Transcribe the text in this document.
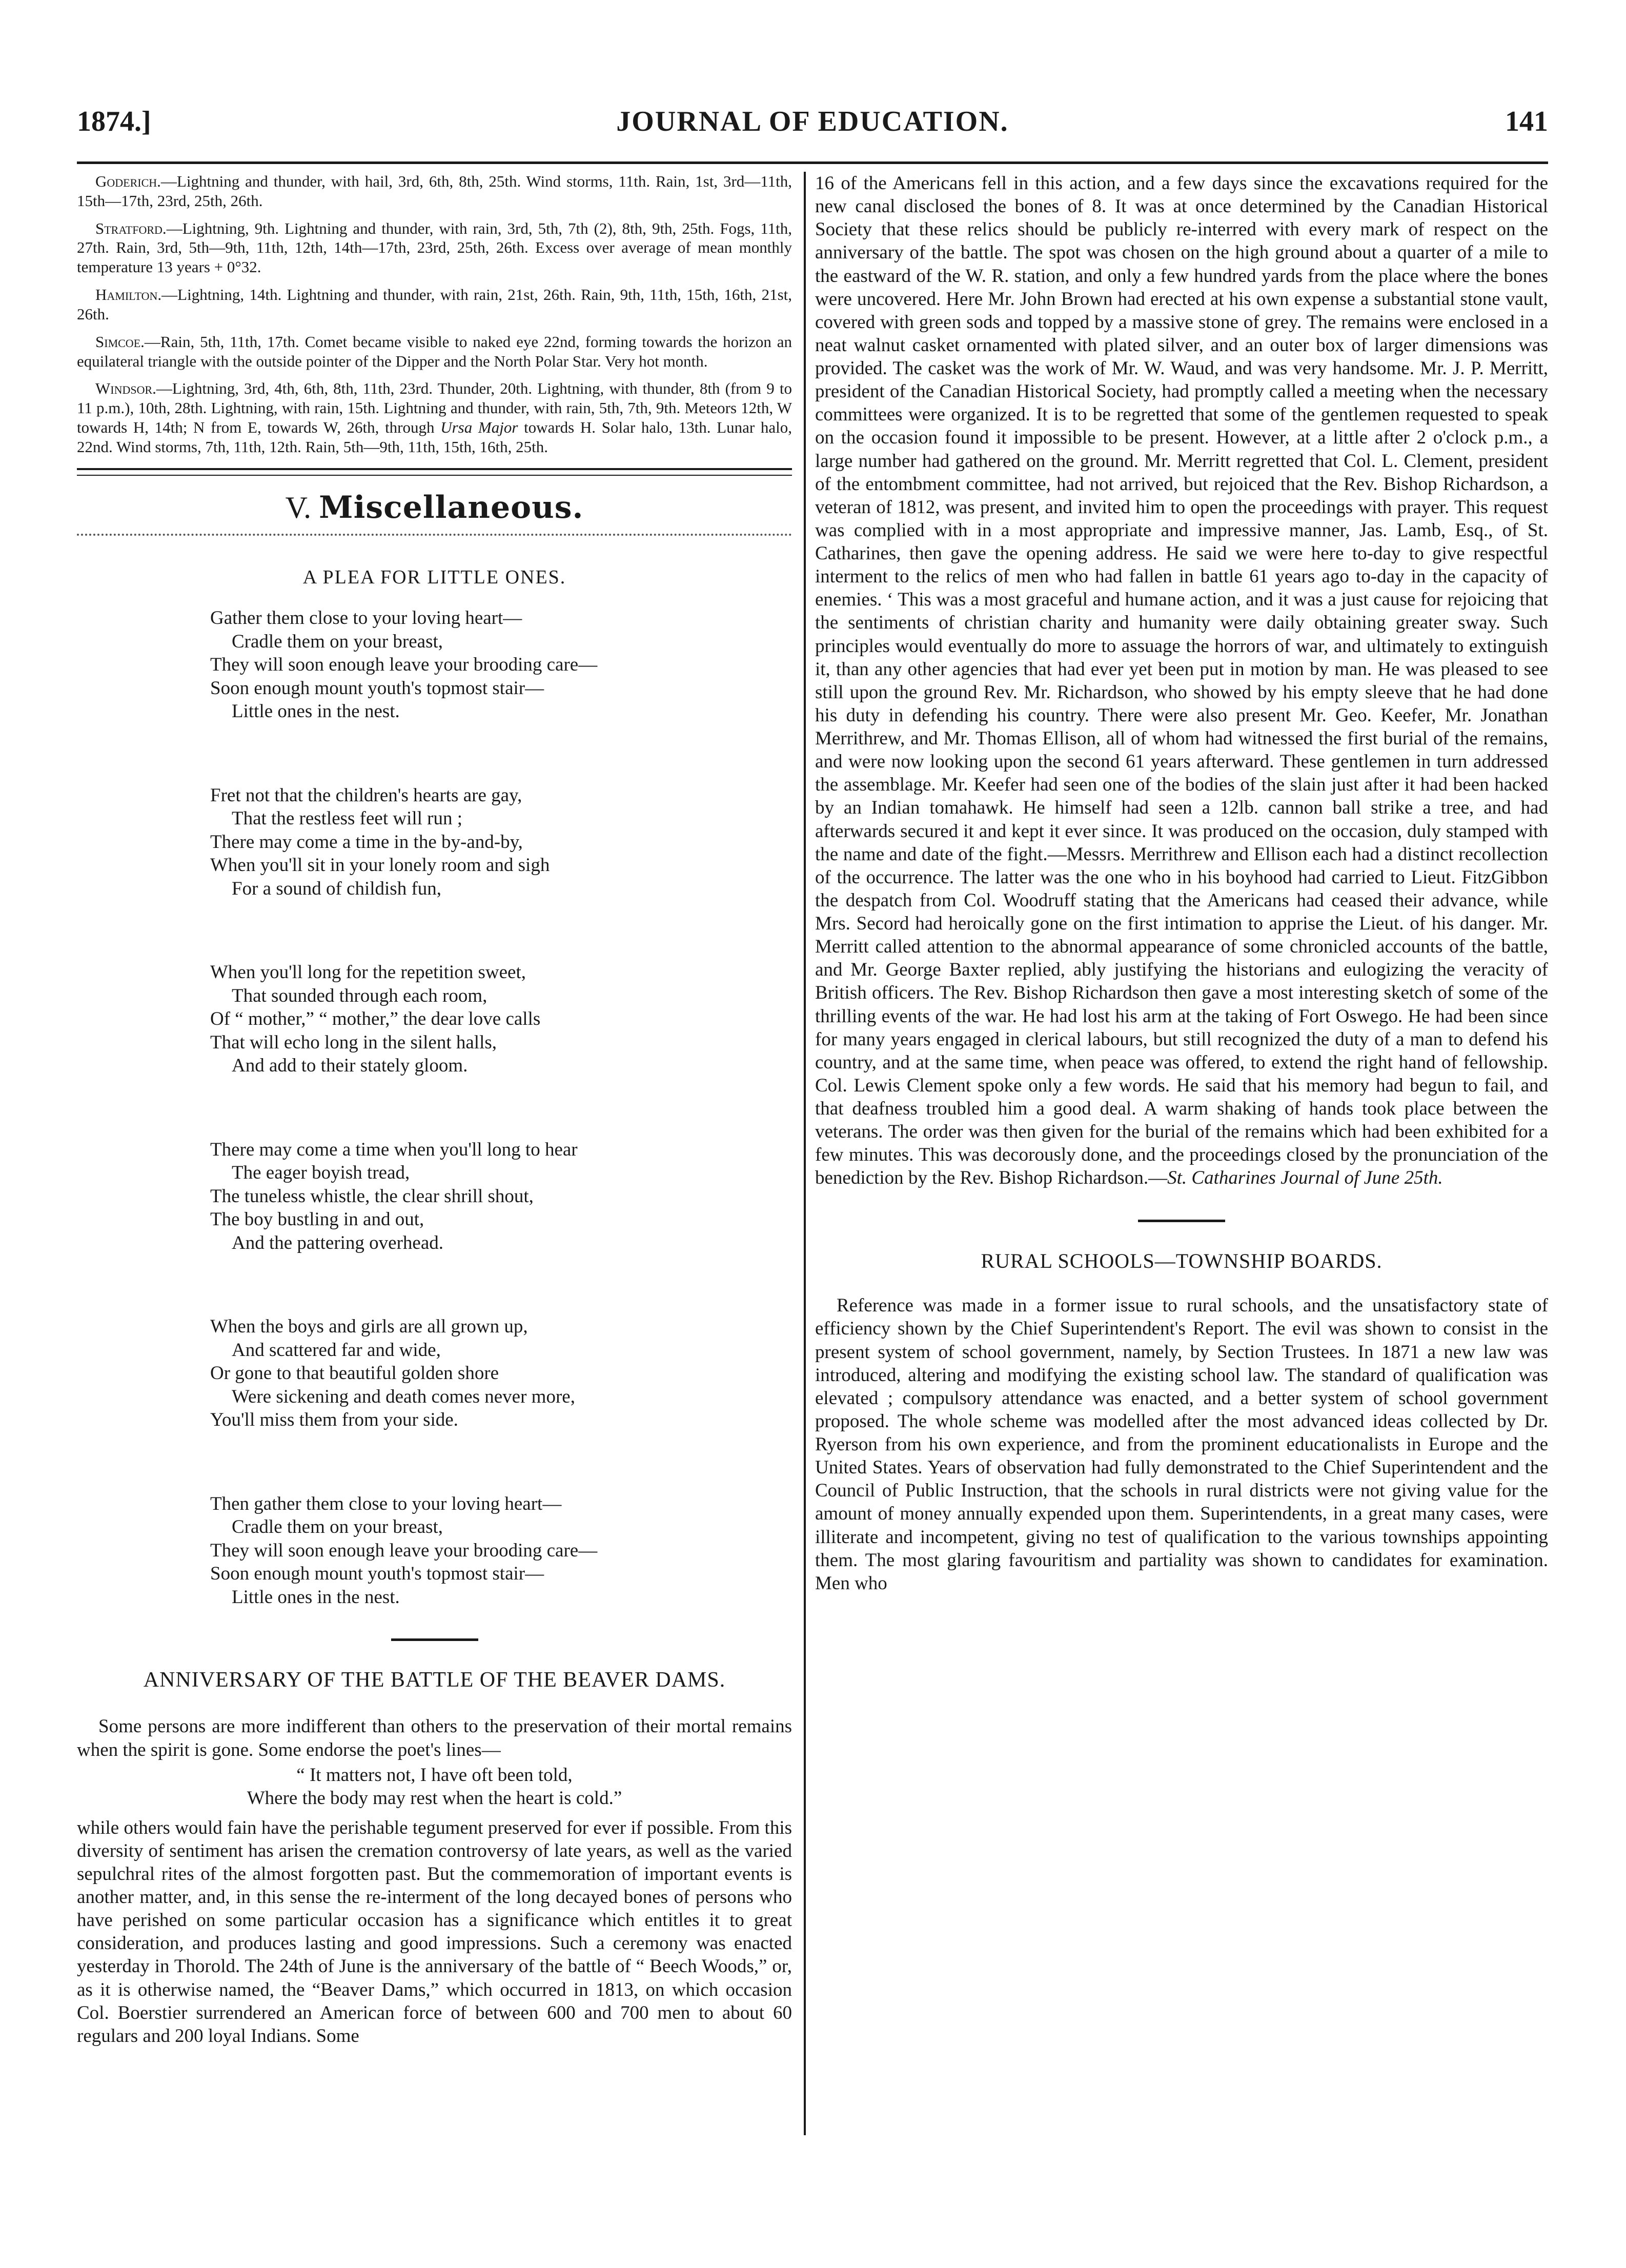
1874.]	JOURNAL OF EDUCATION.	141

Goderich.—Lightning and thunder, with hail, 3rd, 6th, 8th, 25th. Wind storms, 11th. Rain, 1st, 3rd—11th, 15th—17th, 23rd, 25th, 26th.

Stratford.—Lightning, 9th. Lightning and thunder, with rain, 3rd, 5th, 7th (2), 8th, 9th, 25th. Fogs, 11th, 27th. Rain, 3rd, 5th—9th, 11th, 12th, 14th—17th, 23rd, 25th, 26th. Excess over average of mean monthly temperature 13 years + 0°32.

Hamilton.—Lightning, 14th. Lightning and thunder, with rain, 21st, 26th. Rain, 9th, 11th, 15th, 16th, 21st, 26th.

Simcoe.—Rain, 5th, 11th, 17th. Comet became visible to naked eye 22nd, forming towards the horizon an equilateral triangle with the outside pointer of the Dipper and the North Polar Star. Very hot month.

Windsor.—Lightning, 3rd, 4th, 6th, 8th, 11th, 23rd. Thunder, 20th. Lightning, with thunder, 8th (from 9 to 11 p.m.), 10th, 28th. Lightning, with rain, 15th. Lightning and thunder, with rain, 5th, 7th, 9th. Meteors 12th, W towards H, 14th; N from E, towards W, 26th, through Ursa Major towards H. Solar halo, 13th. Lunar halo, 22nd. Wind storms, 7th, 11th, 12th. Rain, 5th—9th, 11th, 15th, 16th, 25th.

V. Miscellaneous.
A PLEA FOR LITTLE ONES.
Gather them close to your loving heart—
Cradle them on your breast,
They will soon enough leave your brooding care—
Soon enough mount youth's topmost stair—
Little ones in the nest.
Fret not that the children's hearts are gay,
That the restless feet will run ;
There may come a time in the by-and-by,
When you'll sit in your lonely room and sigh
For a sound of childish fun,
When you'll long for the repetition sweet,
That sounded through each room,
Of “ mother,” “ mother,” the dear love calls
That will echo long in the silent halls,
And add to their stately gloom.
There may come a time when you'll long to hear
The eager boyish tread,
The tuneless whistle, the clear shrill shout,
The boy bustling in and out,
And the pattering overhead.
When the boys and girls are all grown up,
And scattered far and wide,
Or gone to that beautiful golden shore
Were sickening and death comes never more,
You'll miss them from your side.
Then gather them close to your loving heart—
Cradle them on your breast,
They will soon enough leave your brooding care—
Soon enough mount youth's topmost stair—
Little ones in the nest.
ANNIVERSARY OF THE BATTLE OF THE BEAVER DAMS.

Some persons are more indifferent than others to the preservation of their mortal remains when the spirit is gone. Some endorse the poet's lines—

“ It matters not, I have oft been told,
Where the body may rest when the heart is cold.”

while others would fain have the perishable tegument preserved for ever if possible. From this diversity of sentiment has arisen the cremation controversy of late years, as well as the varied sepulchral rites of the almost forgotten past. But the commemoration of important events is another matter, and, in this sense the re-interment of the long decayed bones of persons who have perished on some particular occasion has a significance which entitles it to great consideration, and produces lasting and good impressions. Such a ceremony was enacted yesterday in Thorold. The 24th of June is the anniversary of the battle of “ Beech Woods,” or, as it is otherwise named, the “Beaver Dams,” which occurred in 1813, on which occasion Col. Boerstier surrendered an American force of between 600 and 700 men to about 60 regulars and 200 loyal Indians. Some

16 of the Americans fell in this action, and a few days since the excavations required for the new canal disclosed the bones of 8. It was at once determined by the Canadian Historical Society that these relics should be publicly re-interred with every mark of respect on the anniversary of the battle. The spot was chosen on the high ground about a quarter of a mile to the eastward of the W. R. station, and only a few hundred yards from the place where the bones were uncovered. Here Mr. John Brown had erected at his own expense a substantial stone vault, covered with green sods and topped by a massive stone of grey. The remains were enclosed in a neat walnut casket ornamented with plated silver, and an outer box of larger dimensions was provided. The casket was the work of Mr. W. Waud, and was very handsome. Mr. J. P. Merritt, president of the Canadian Historical Society, had promptly called a meeting when the necessary committees were organized. It is to be regretted that some of the gentlemen requested to speak on the occasion found it impossible to be present. However, at a little after 2 o'clock p.m., a large number had gathered on the ground. Mr. Merritt regretted that Col. L. Clement, president of the entombment committee, had not arrived, but rejoiced that the Rev. Bishop Richardson, a veteran of 1812, was present, and invited him to open the proceedings with prayer. This request was complied with in a most appropriate and impressive manner, Jas. Lamb, Esq., of St. Catharines, then gave the opening address. He said we were here to-day to give respectful interment to the relics of men who had fallen in battle 61 years ago to-day in the capacity of enemies. ‘ This was a most graceful and humane action, and it was a just cause for rejoicing that the sentiments of christian charity and humanity were daily obtaining greater sway. Such principles would eventually do more to assuage the horrors of war, and ultimately to extinguish it, than any other agencies that had ever yet been put in motion by man. He was pleased to see still upon the ground Rev. Mr. Richardson, who showed by his empty sleeve that he had done his duty in defending his country. There were also present Mr. Geo. Keefer, Mr. Jonathan Merrithrew, and Mr. Thomas Ellison, all of whom had witnessed the first burial of the remains, and were now looking upon the second 61 years afterward. These gentlemen in turn addressed the assemblage. Mr. Keefer had seen one of the bodies of the slain just after it had been hacked by an Indian tomahawk. He himself had seen a 12lb. cannon ball strike a tree, and had afterwards secured it and kept it ever since. It was produced on the occasion, duly stamped with the name and date of the fight.—Messrs. Merrithrew and Ellison each had a distinct recollection of the occurrence. The latter was the one who in his boyhood had carried to Lieut. FitzGibbon the despatch from Col. Woodruff stating that the Americans had ceased their advance, while Mrs. Secord had heroically gone on the first intimation to apprise the Lieut. of his danger. Mr. Merritt called attention to the abnormal appearance of some chronicled accounts of the battle, and Mr. George Baxter replied, ably justifying the historians and eulogizing the veracity of British officers. The Rev. Bishop Richardson then gave a most interesting sketch of some of the thrilling events of the war. He had lost his arm at the taking of Fort Oswego. He had been since for many years engaged in clerical labours, but still recognized the duty of a man to defend his country, and at the same time, when peace was offered, to extend the right hand of fellowship. Col. Lewis Clement spoke only a few words. He said that his memory had begun to fail, and that deafness troubled him a good deal. A warm shaking of hands took place between the veterans. The order was then given for the burial of the remains which had been exhibited for a few minutes. This was decorously done, and the proceedings closed by the pronunciation of the benediction by the Rev. Bishop Richardson.—St. Catharines Journal of June 25th.

RURAL SCHOOLS—TOWNSHIP BOARDS.

Reference was made in a former issue to rural schools, and the unsatisfactory state of efficiency shown by the Chief Superintendent's Report. The evil was shown to consist in the present system of school government, namely, by Section Trustees. In 1871 a new law was introduced, altering and modifying the existing school law. The standard of qualification was elevated ; compulsory attendance was enacted, and a better system of school government proposed. The whole scheme was modelled after the most advanced ideas collected by Dr. Ryerson from his own experience, and from the prominent educationalists in Europe and the United States. Years of observation had fully demonstrated to the Chief Superintendent and the Council of Public Instruction, that the schools in rural districts were not giving value for the amount of money annually expended upon them. Superintendents, in a great many cases, were illiterate and incompetent, giving no test of qualification to the various townships appointing them. The most glaring favouritism and partiality was shown to candidates for examination. Men who
